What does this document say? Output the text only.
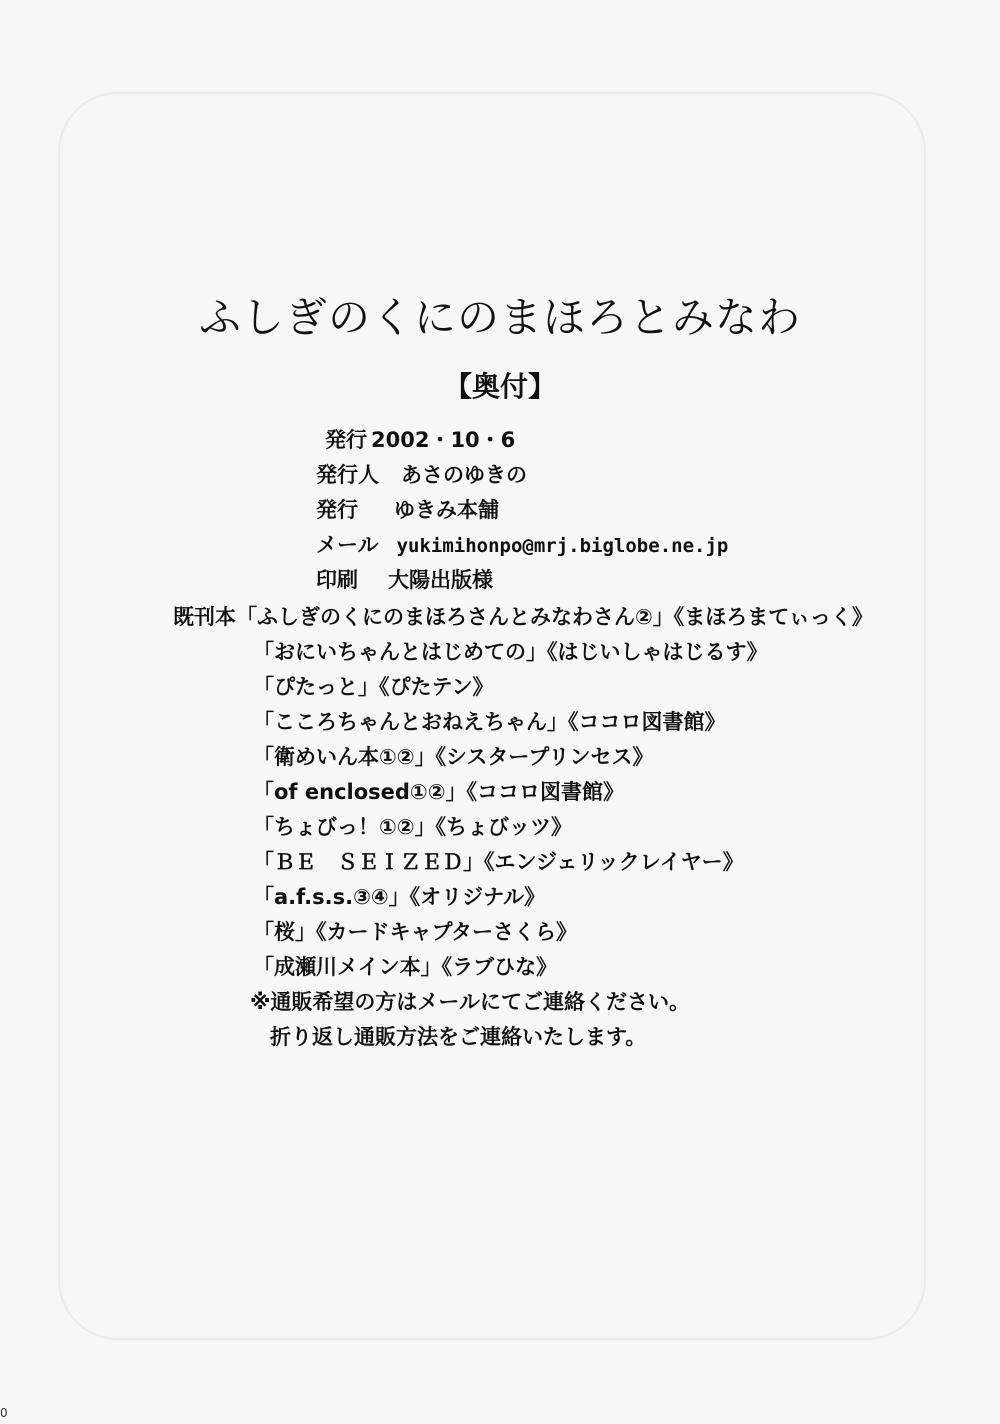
ふしぎのくにのまほろとみなわ
【奥付】
発行 2002・10・6
発行人 あさのゆきの
発行 ゆきみ本舗
メール yukimihonpo@mrj.biglobe.ne.jp
印刷 大陽出版様
既刊本「ふしぎのくにのまほろさんとみなわさん②」《まほろまてぃっく》
「おにいちゃんとはじめての」《はじいしゃはじるす》
「ぴたっと」《ぴたテン》
「こころちゃんとおねえちゃん」《ココロ図書館》
「衛めいん本①②」《シスタープリンセス》
「of enclosed①②」《ココロ図書館》
「ちょびっ！①②」《ちょびッツ》
「ＢＥ　ＳＥＩＺＥＤ」《エンジェリックレイヤー》
「a.f.s.s.③④」《オリジナル》
「桜」《カードキャプターさくら》
「成瀬川メイン本」《ラブひな》
※通販希望の方はメールにてご連絡ください。
折り返し通販方法をご連絡いたします。
0
